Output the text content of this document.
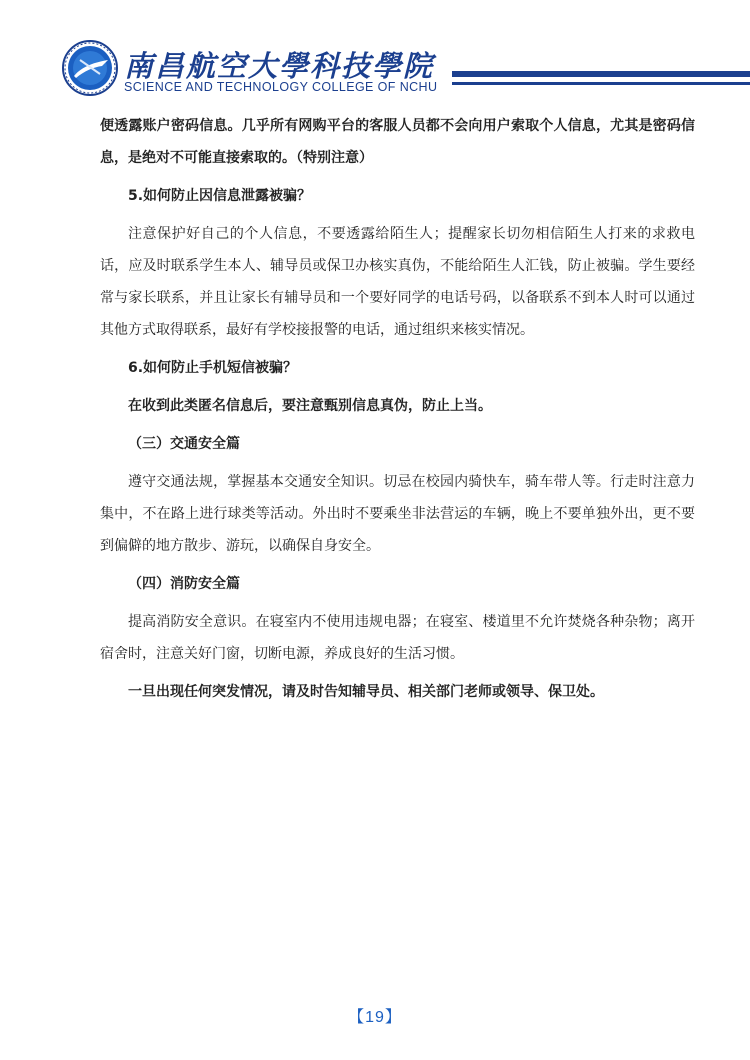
南昌航空大學科技學院
SCIENCE AND TECHNOLOGY COLLEGE OF NCHU

便透露账户密码信息。几乎所有网购平台的客服人员都不会向用户索取个人信息，尤其是密码信息，是绝对不可能直接索取的。（特别注意）

5.如何防止因信息泄露被骗？

注意保护好自己的个人信息，不要透露给陌生人；提醒家长切勿相信陌生人打来的求救电话，应及时联系学生本人、辅导员或保卫办核实真伪，不能给陌生人汇钱，防止被骗。学生要经常与家长联系，并且让家长有辅导员和一个要好同学的电话号码，以备联系不到本人时可以通过其他方式取得联系，最好有学校接报警的电话，通过组织来核实情况。

6.如何防止手机短信被骗？

在收到此类匿名信息后，要注意甄别信息真伪，防止上当。

（三）交通安全篇

遵守交通法规，掌握基本交通安全知识。切忌在校园内骑快车，骑车带人等。行走时注意力集中，不在路上进行球类等活动。外出时不要乘坐非法营运的车辆，晚上不要单独外出，更不要到偏僻的地方散步、游玩，以确保自身安全。

（四）消防安全篇

提高消防安全意识。在寝室内不使用违规电器；在寝室、楼道里不允许焚烧各种杂物；离开宿舍时，注意关好门窗，切断电源，养成良好的生活习惯。

一旦出现任何突发情况，请及时告知辅导员、相关部门老师或领导、保卫处。

【19】
